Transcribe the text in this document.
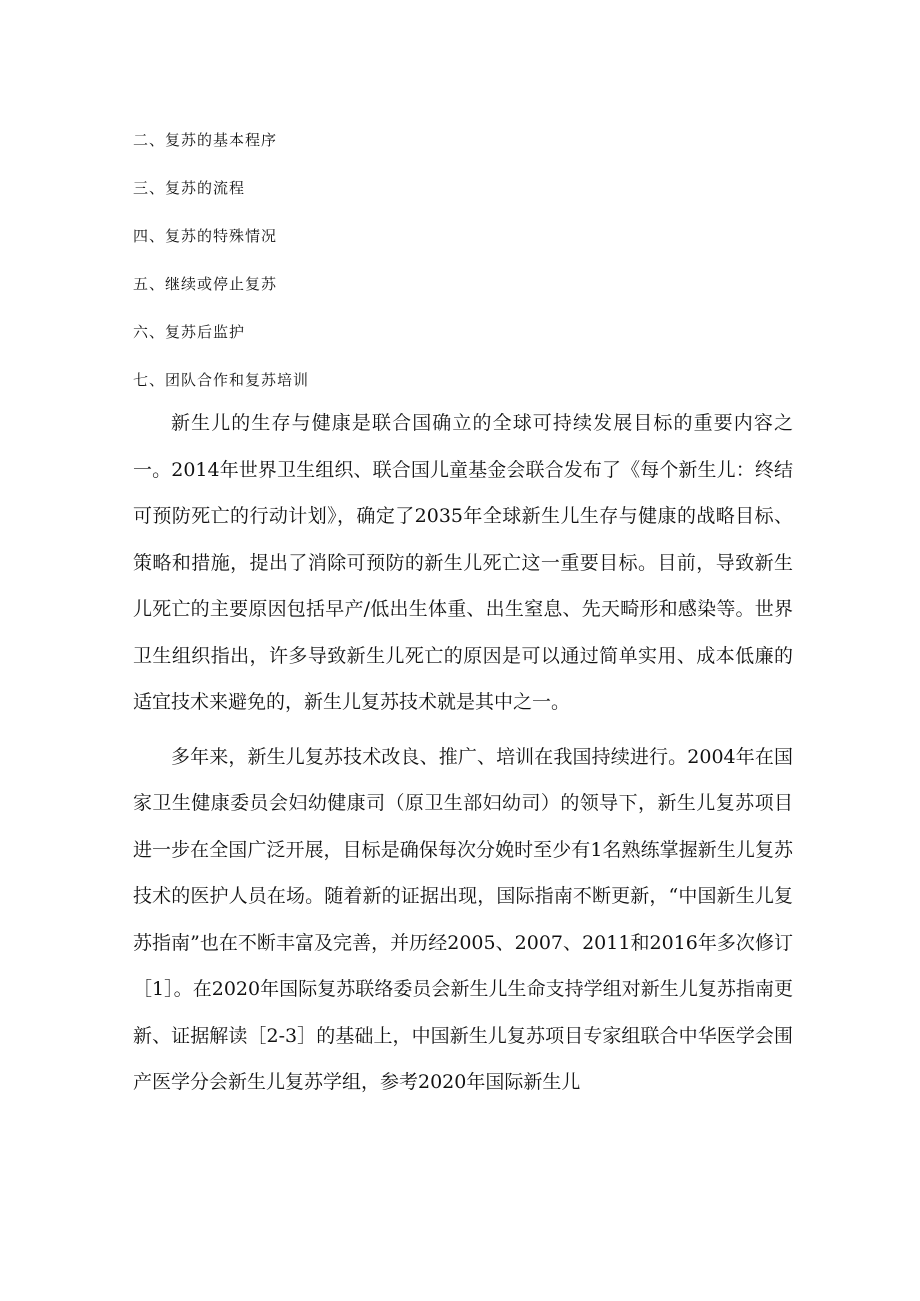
二、复苏的基本程序
三、复苏的流程
四、复苏的特殊情况
五、继续或停止复苏
六、复苏后监护
七、团队合作和复苏培训

新生儿的生存与健康是联合国确立的全球可持续发展目标的重要内容之一。2014年世界卫生组织、联合国儿童基金会联合发布了《每个新生儿：终结可预防死亡的行动计划》，确定了2035年全球新生儿生存与健康的战略目标、策略和措施，提出了消除可预防的新生儿死亡这一重要目标。目前，导致新生儿死亡的主要原因包括早产/低出生体重、出生窒息、先天畸形和感染等。世界卫生组织指出，许多导致新生儿死亡的原因是可以通过简单实用、成本低廉的适宜技术来避免的，新生儿复苏技术就是其中之一。

多年来，新生儿复苏技术改良、推广、培训在我国持续进行。2004年在国家卫生健康委员会妇幼健康司（原卫生部妇幼司）的领导下，新生儿复苏项目进一步在全国广泛开展，目标是确保每次分娩时至少有1名熟练掌握新生儿复苏技术的医护人员在场。随着新的证据出现，国际指南不断更新，“中国新生儿复苏指南”也在不断丰富及完善，并历经2005、2007、2011和2016年多次修订［1］。在2020年国际复苏联络委员会新生儿生命支持学组对新生儿复苏指南更新、证据解读［2-3］的基础上，中国新生儿复苏项目专家组联合中华医学会围产医学分会新生儿复苏学组，参考2020年国际新生儿
